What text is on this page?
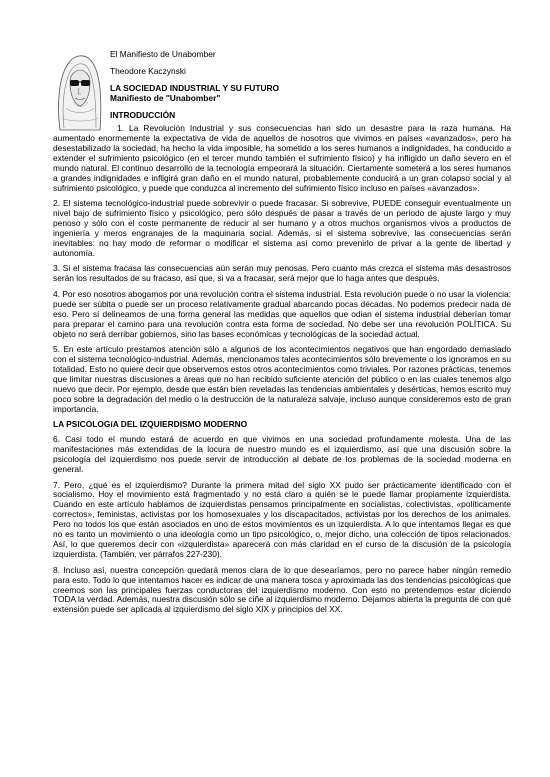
El Manifiesto de Unabomber
Theodore Kaczynski
LA SOCIEDAD INDUSTRIAL Y SU FUTURO
Manifiesto de "Unabomber"
INTRODUCCIÓN

1. La Revolución Industrial y sus consecuencias han sido un desastre para la raza humana. Ha aumentado enormemente la expectativa de vida de aquellos de nosotros que vivimos en países «avanzados», pero ha desestabilizado la sociedad, ha hecho la vida imposible, ha sometido a los seres humanos a indignidades, ha conducido a extender el sufrimiento psicológico (en el tercer mundo también el sufrimiento físico) y ha infligido un daño severo en el mundo natural. El continuo desarrollo de la tecnología empeorará la situación. Ciertamente someterá a los seres humanos a grandes indignidades e infligirá gran daño en el mundo natural, probablemente conducirá a un gran colapso social y al sufrimiento psicológico, y puede que conduzca al incremento del sufrimiento físico incluso en países «avanzados».

2. El sistema tecnológico-industrial puede sobrevivir o puede fracasar. Si sobrevive, PUEDE conseguir eventualmente un nivel bajo de sufrimiento físico y psicológico, pero sólo después de pasar a través de un periodo de ajuste largo y muy penoso y sólo con el coste permanente de reducir al ser humano y a otros muchos organismos vivos a productos de ingeniería y meros engranajes de la maquinaria social. Además, si el sistema sobrevive, las consecuencias serán inevitables: no hay modo de reformar o modificar el sistema así como prevenirlo de privar a la gente de libertad y autonomía.

3. Si el sistema fracasa las consecuencias aún serán muy penosas. Pero cuanto más crezca el sistema más desastrosos serán los resultados de su fracaso, así que, si va a fracasar, será mejor que lo haga antes que después.

4. Por eso nosotros abogamos por una revolución contra el sistema industrial. Esta revolución puede o no usar la violencia: puede ser súbita o puede ser un proceso relativamente gradual abarcando pocas décadas. No podemos predecir nada de eso. Pero sí delineamos de una forma general las medidas que aquellos que odian el sistema industrial deberían tomar para preparar el camino para una revolución contra esta forma de sociedad. No debe ser una revolución POLÍTICA. Su objeto no será derribar gobiernos, sino las bases económicas y tecnológicas de la sociedad actual.

5. En este artículo prestamos atención sólo a algunos de los acontecimientos negativos que han engordado demasiado con el sistema tecnológico-industrial. Además, mencionamos tales acontecimientos sólo brevemente o los ignoramos en su totalidad. Esto no quiere decir que observemos estos otros acontecimientos como triviales. Por razones prácticas, tenemos que limitar nuestras discusiones a áreas que no han recibido suficiente atención del público o en las cuales tenemos algo nuevo que decir. Por ejemplo, desde que están bien reveladas las tendencias ambientales y desérticas, hemos escrito muy poco sobre la degradación del medio o la destrucción de la naturaleza salvaje, incluso aunque consideremos esto de gran importancia.

LA PSICOLOGíA DEL IZQUIERDISMO MODERNO

6. Casi todo el mundo estará de acuerdo en que vivimos en una sociedad profundamente molesta. Una de las manifestaciones más extendidas de la locura de nuestro mundo es el izquierdismo, así que una discusión sobre la psicología del izquierdismo nos puede servir de introducción al debate de los problemas de la sociedad moderna en general.

7. Pero, ¿qué es el izquierdismo? Durante la primera mitad del siglo XX pudo ser prácticamente identificado con el socialismo. Hoy el movimiento está fragmentado y no está claro a quién se le puede llamar propiamente izquierdista. Cuando en este artículo hablamos de izquierdistas pensamos principalmente en socialistas, colectivistas, «políticamente correctos», feministas, activistas por los homosexuales y los discapacitados, activistas por los derechos de los animales. Pero no todos los que están asociados en uno de estos movimientos es un izquierdista. A lo que intentamos llegar es que no es tanto un movimiento o una ideología como un tipo psicológico, o, mejor dicho, una colección de tipos relacionados. Así, lo que queremos decir con «izquierdista» aparecerá con más claridad en el curso de la discusión de la psicología izquierdista. (También, ver párrafos 227-230).

8. Incluso así, nuestra concepción quedará menos clara de lo que desearíamos, pero no parece haber ningún remedio para esto. Todo lo que intentamos hacer es indicar de una manera tosca y aproximada las dos tendencias psicológicas que creemos son las principales fuerzas conductoras del izquierdismo moderno. Con esto no pretendemos estar diciendo TODA la verdad. Además, nuestra discusión sólo se ciñe al izquierdismo moderno. Dejamos abierta la pregunta de con qué extensión puede ser aplicada al izquierdismo del siglo XIX y principios del XX.
